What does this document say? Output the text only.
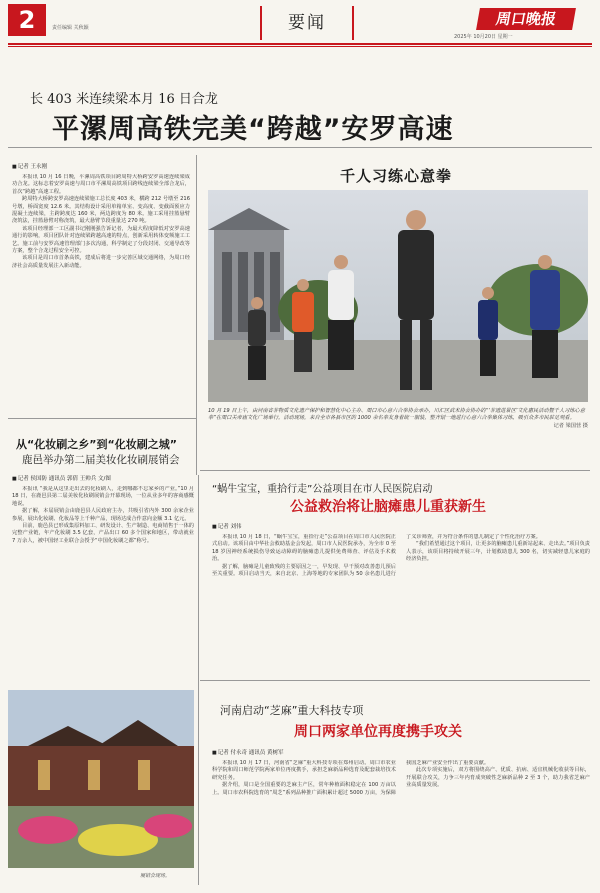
2	责任编辑 关秋颖	要闻	周口晚报
2025年 10月20日 星期一
长 403 米连续梁本月 16 日合龙
平漯周高铁完美“跨越”安罗高速
■ 记者 王永刚

本报讯 10 月 16 日晚，平漯周高铁项目跨周特大桥跨安罗高速连续梁成功合龙。这标志着安罗高速与周口市平漯周高铁项目跨线连续梁全部合龙后，首次“跨越”高速工程。

跨周特大桥跨安罗高速连续梁施工总长度 403 米，横跨 212 号墩至 216 号墩，桥面宽度 12.6 米。其结构设计采用单箱单室、变高度、变截面预应力混凝土连续梁，主跨跨度达 160 米，两边跨度为 80 米。施工采用挂篮悬臂浇筑法，挂篮悬臂对称浇筑，最大悬臂节段重量达 270 吨。

该项目经理部一工区副书记刚刚强告诉记者，为最大程度降低对安罗高速通行的影响，项目团队针对连续梁跨越高速的特点，创新采用转体变频施工工艺。施工前与安罗高速管理部门多次沟通，科学制定了分段封闭、交通导改等方案，整个合龙过程安全可控。

该项目是周口市首条高铁，建成后将进一步完善区域交通网络，为周口经济社会高质量发展注入新动能。

千人习练心意拳
10 月 19 日上午，由河南省非物质文化遗产保护和智慧化中心主办、周口市心意六合拳协会承办，川汇区武术协会协办的“‘非遗进景区’文化惠民活动暨千人习练心意拳”在周口关帝庙文化广场举行。活动现场，来自全市各县市区的 1000 余名拳友身着统一服装，整齐划一地进行心意六合拳集体习练，吸引众多市民驻足观看。
记者 梁国营 摄
从“化妆刷之乡”到“化妆刷之城”
鹿邑举办第二届美妆化妆刷展销会
■ 记者 侯国防 通讯员 郭倩 王帅兵 文/图

本报讯 “我是从这里走出去的化妆刷人，走到哪都不忘家乡的产业。”10 月 18 日，在鹿邑县第二届美妆化妆刷展销会开幕现场，一位从业多年的客商感慨地说。

据了解，本届展销会由鹿邑县人民政府主办，共吸引省内外 300 余家企业参展，展出化妆刷、化妆品等上千种产品，现场达成合作意向金额 3.1 亿元。

目前，鹿邑县已形成集原料加工、研发设计、生产制造、电商销售于一体的完整产业链，年产化妆刷 3.5 亿套，产品出口 60 多个国家和地区，带动就业 7 万余人，被中国轻工业联合会授予“中国化妆刷之都”称号。

展销会现场。
“蜗牛宝宝，重拾行走”公益项目在市人民医院启动
公益救治将让脑瘫患儿重获新生
■ 记者 刘伟

本报讯 10 月 18 日，“蜗牛宝宝，重拾行走”公益项目在周口市人民医院正式启动。该项目由中华社会救助基金会发起，周口市人民医院承办，为全市 0 至 18 岁因神经系统损伤导致运动障碍的脑瘫患儿提供免费筛查、评估及手术救治。

据了解，脑瘫是儿童致残的主要原因之一，早发现、早干预对改善患儿预后至关重要。项目启动当天，来自北京、上海等地的专家团队为 50 余名患儿进行了义诊筛查，并为符合条件的患儿制定了个性化治疗方案。

“我们希望通过这个项目，让更多的脑瘫患儿重新站起来、走出去。”项目负责人表示，该项目将持续开展三年，计划救助患儿 300 名，切实减轻患儿家庭的经济负担。

河南启动“芝麻”重大科技专项
周口两家单位再度携手攻关
■ 记者 付永奇 通讯员 黄树军

本报讯 10 月 17 日，河南省“芝麻”重大科技专项在郑州启动。周口市农业科学院和周口师范学院两家单位再度携手，承担芝麻新品种选育及配套栽培技术研究任务。

据介绍，周口是全国重要的芝麻主产区，常年种植面积稳定在 100 万亩以上。周口市农科院选育的“周芝”系列品种推广面积累计超过 5000 万亩，为保障我国芝麻产业安全作出了重要贡献。

此次专项实施后，双方将围绕高产、优质、抗病、适宜机械化收获等目标，开展联合攻关，力争三年内育成突破性芝麻新品种 2 至 3 个，助力我省芝麻产业高质量发展。
